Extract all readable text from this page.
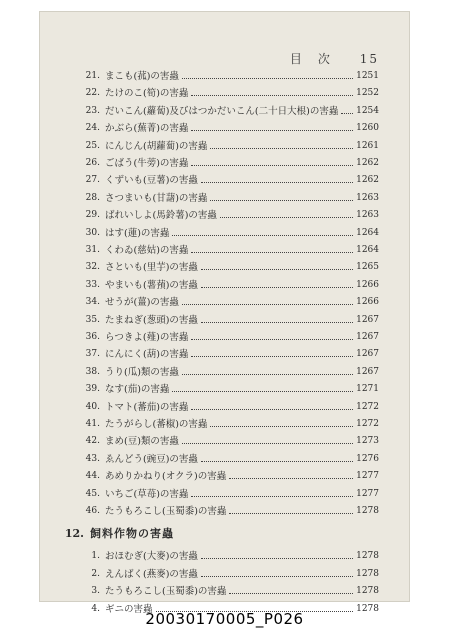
目　次 15
21. まこも(菰)の害蟲	1251
22. たけのこ(筍)の害蟲	1252
23. だいこん(蘿蔔)及びはつかだいこん(二十日大根)の害蟲 1254
24. かぶら(蕪菁)の害蟲	1260
25. にんじん(胡蘿蔔)の害蟲	1261
26. ごばう(牛蒡)の害蟲	1262
27. くずいも(豆薯)の害蟲	1262
28. さつまいも(甘藷)の害蟲	1263
29. ばれいしよ(馬鈴薯)の害蟲	1263
30. はす(蓮)の害蟲	1264
31. くわゐ(慈姑)の害蟲	1264
32. さといも(里芋)の害蟲	1265
33. やまいも(薯蕷)の害蟲	1266
34. せうが(薑)の害蟲	1266
35. たまねぎ(葱頭)の害蟲	1267
36. らつきよ(薤)の害蟲	1267
37. にんにく(葫)の害蟲	1267
38. うり(瓜)類の害蟲	1267
39. なす(茄)の害蟲	1271
40. トマト(蕃茄)の害蟲	1272
41. たうがらし(蕃椒)の害蟲	1272
42. まめ(豆)類の害蟲	1273
43. ゑんどう(豌豆)の害蟲	1276
44. あめりかねり(オクラ)の害蟲	1277
45. いちご(草苺)の害蟲	1277
46. たうもろこし(玉蜀黍)の害蟲	1278
12. 飼料作物の害蟲
1. おほむぎ(大麥)の害蟲	1278
2. えんばく(燕麥)の害蟲	1278
3. たうもろこし(玉蜀黍)の害蟲	1278
4. ギニの害蟲	1278
20030170005_P026
